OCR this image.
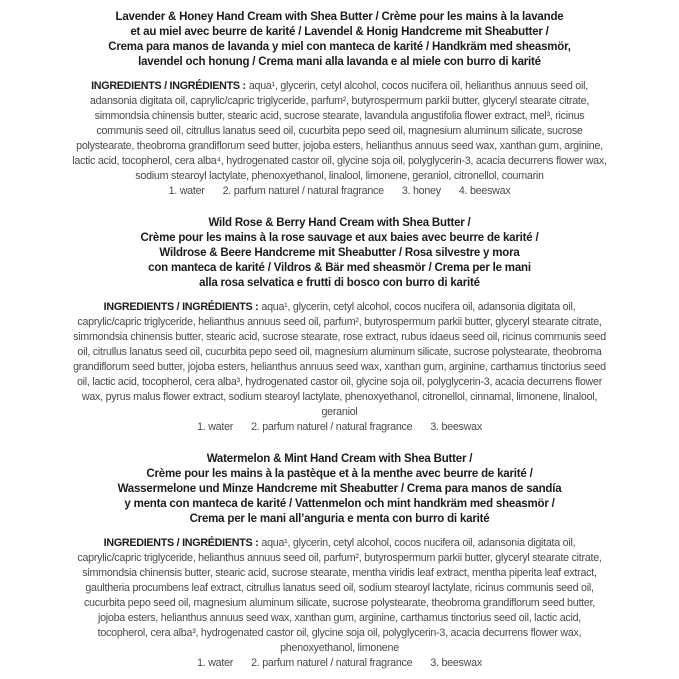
Lavender & Honey Hand Cream with Shea Butter / Crème pour les mains à la lavande
et au miel avec beurre de karité / Lavendel & Honig Handcreme mit Sheabutter /
Crema para manos de lavanda y miel con manteca de karité / Handkräm med sheasmör,
lavendel och honung / Crema mani alla lavanda e al miele con burro di karité

INGREDIENTS / INGRÉDIENTS : aqua¹, glycerin, cetyl alcohol, cocos nucifera oil, helianthus annuus seed oil, adansonia digitata oil, caprylic/capric triglyceride, parfum², butyrospermum parkii butter, glyceryl stearate citrate, simmondsia chinensis butter, stearic acid, sucrose stearate, lavandula angustifolia flower extract, mel³, ricinus communis seed oil, citrullus lanatus seed oil, cucurbita pepo seed oil, magnesium aluminum silicate, sucrose polystearate, theobroma grandiflorum seed butter, jojoba esters, helianthus annuus seed wax, xanthan gum, arginine, lactic acid, tocopherol, cera alba⁴, hydrogenated castor oil, glycine soja oil, polyglycerin-3, acacia decurrens flower wax, sodium stearoyl lactylate, phenoxyethanol, linalool, limonene, geraniol, citronellol, coumarin

1. water 2. parfum naturel / natural fragrance 3. honey 4. beeswax
Wild Rose & Berry Hand Cream with Shea Butter /
Crème pour les mains à la rose sauvage et aux baies avec beurre de karité /
Wildrose & Beere Handcreme mit Sheabutter / Rosa silvestre y mora
con manteca de karité / Vildros & Bär med sheasmör / Crema per le mani
alla rosa selvatica e frutti di bosco con burro di karité

INGREDIENTS / INGRÉDIENTS : aqua¹, glycerin, cetyl alcohol, cocos nucifera oil, adansonia digitata oil, caprylic/capric triglyceride, helianthus annuus seed oil, parfum², butyrospermum parkii butter, glyceryl stearate citrate, simmondsia chinensis butter, stearic acid, sucrose stearate, rose extract, rubus idaeus seed oil, ricinus communis seed oil, citrullus lanatus seed oil, cucurbita pepo seed oil, magnesium aluminum silicate, sucrose polystearate, theobroma grandiflorum seed butter, jojoba esters, helianthus annuus seed wax, xanthan gum, arginine, carthamus tinctorius seed oil, lactic acid, tocopherol, cera alba³, hydrogenated castor oil, glycine soja oil, polyglycerin-3, acacia decurrens flower wax, pyrus malus flower extract, sodium stearoyl lactylate, phenoxyethanol, citronellol, cinnamal, limonene, linalool, geraniol

1. water 2. parfum naturel / natural fragrance 3. beeswax
Watermelon & Mint Hand Cream with Shea Butter /
Crème pour les mains à la pastèque et à la menthe avec beurre de karité /
Wassermelone und Minze Handcreme mit Sheabutter / Crema para manos de sandía
y menta con manteca de karité / Vattenmelon och mint handkräm med sheasmör /
Crema per le mani all’anguria e menta con burro di karité

INGREDIENTS / INGRÉDIENTS : aqua¹, glycerin, cetyl alcohol, cocos nucifera oil, adansonia digitata oil, caprylic/capric triglyceride, helianthus annuus seed oil, parfum², butyrospermum parkii butter, glyceryl stearate citrate, simmondsia chinensis butter, stearic acid, sucrose stearate, mentha viridis leaf extract, mentha piperita leaf extract, gaultheria procumbens leaf extract, citrullus lanatus seed oil, sodium stearoyl lactylate, ricinus communis seed oil, cucurbita pepo seed oil, magnesium aluminum silicate, sucrose polystearate, theobroma grandiflorum seed butter, jojoba esters, helianthus annuus seed wax, xanthan gum, arginine, carthamus tinctorius seed oil, lactic acid, tocopherol, cera alba³, hydrogenated castor oil, glycine soja oil, polyglycerin-3, acacia decurrens flower wax, phenoxyethanol, limonene

1. water 2. parfum naturel / natural fragrance 3. beeswax
